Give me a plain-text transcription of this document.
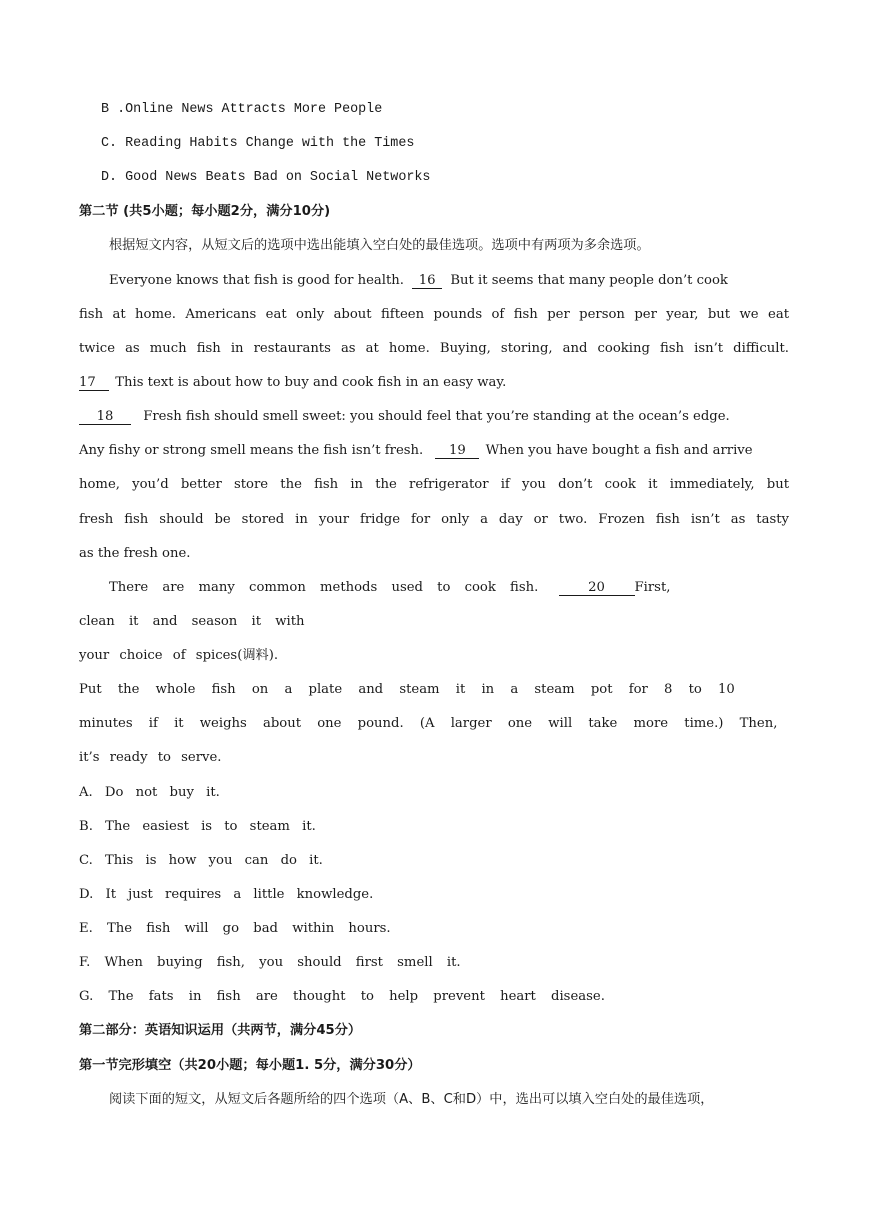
B .Online News Attracts More People
C. Reading Habits Change with the Times
D. Good News Beats Bad on Social Networks
第二节 (共5小题；每小题2分，满分10分)
根据短文内容，从短文后的选项中选出能填入空白处的最佳选项。选项中有两项为多余选项。
Everyone knows that fish is good for health. 16 But it seems that many people don’t cook
fish at home. Americans eat only about fifteen pounds of fish per person per year, but we eat
twice as much fish in restaurants as at home. Buying, storing, and cooking fish isn’t difficult.
17 This text is about how to buy and cook fish in an easy way.
18 Fresh fish should smell sweet: you should feel that you’re standing at the ocean’s edge.
Any fishy or strong smell means the fish isn’t fresh. 19 When you have bought a fish and arrive
home, you’d better store the fish in the refrigerator if you don’t cook it immediately, but
fresh fish should be stored in your fridge for only a day or two. Frozen fish isn’t as tasty
as the fresh one.
There are many common methods used to cook fish.	20 First,
clean it and season it with
your choice of spices(调料).
Put the whole fish on a plate and steam it in a steam pot for 8 to 10
minutes if it weighs about one pound. (A larger one will take more time.) Then,
it’s ready to serve.
A. Do not buy it.
B. The easiest is to steam it.
C. This is how you can do it.
D. It just requires a little knowledge.
E. The fish will go bad within hours.
F. When buying fish, you should first smell it.
G. The fats in fish are thought to help prevent heart disease.
第二部分：英语知识运用（共两节，满分45分）
第一节完形填空（共20小题；每小题1. 5分，满分30分）
阅读下面的短文，从短文后各题所给的四个选项（A、B、C和D）中，选出可以填入空白处的最佳选项，
